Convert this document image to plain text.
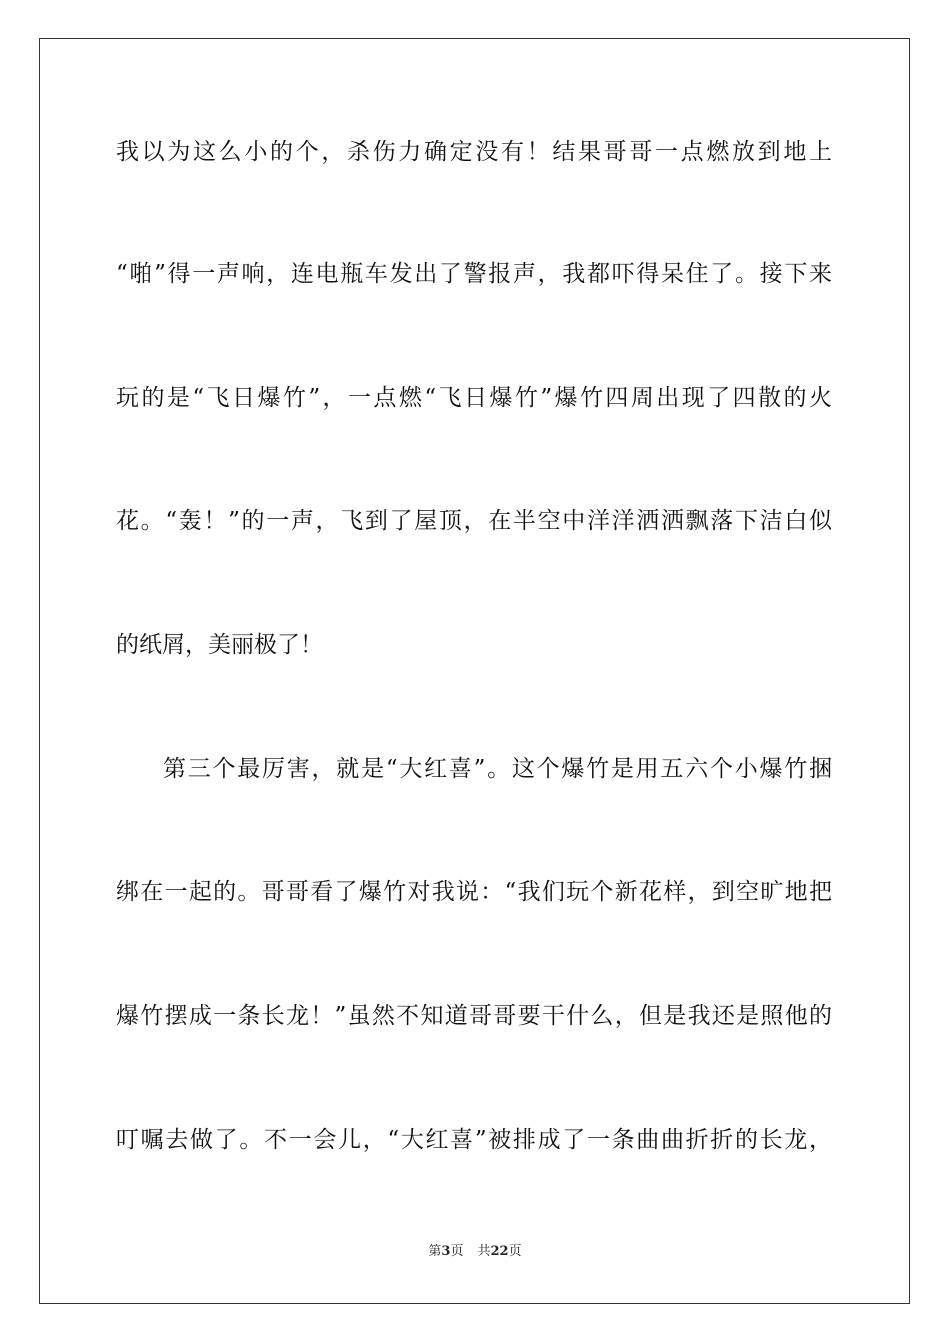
我以为这么小的个，杀伤力确定没有！结果哥哥一点燃放到地上
“啪”得一声响，连电瓶车发出了警报声，我都吓得呆住了。接下来
玩的是“飞日爆竹”，一点燃“飞日爆竹”爆竹四周出现了四散的火
花。“轰！”的一声，飞到了屋顶，在半空中洋洋洒洒飘落下洁白似
的纸屑，美丽极了！
第三个最厉害，就是“大红喜”。这个爆竹是用五六个小爆竹捆
绑在一起的。哥哥看了爆竹对我说：“我们玩个新花样，到空旷地把
爆竹摆成一条长龙！”虽然不知道哥哥要干什么，但是我还是照他的
叮嘱去做了。不一会儿，“大红喜”被排成了一条曲曲折折的长龙，
第3页 共22页
